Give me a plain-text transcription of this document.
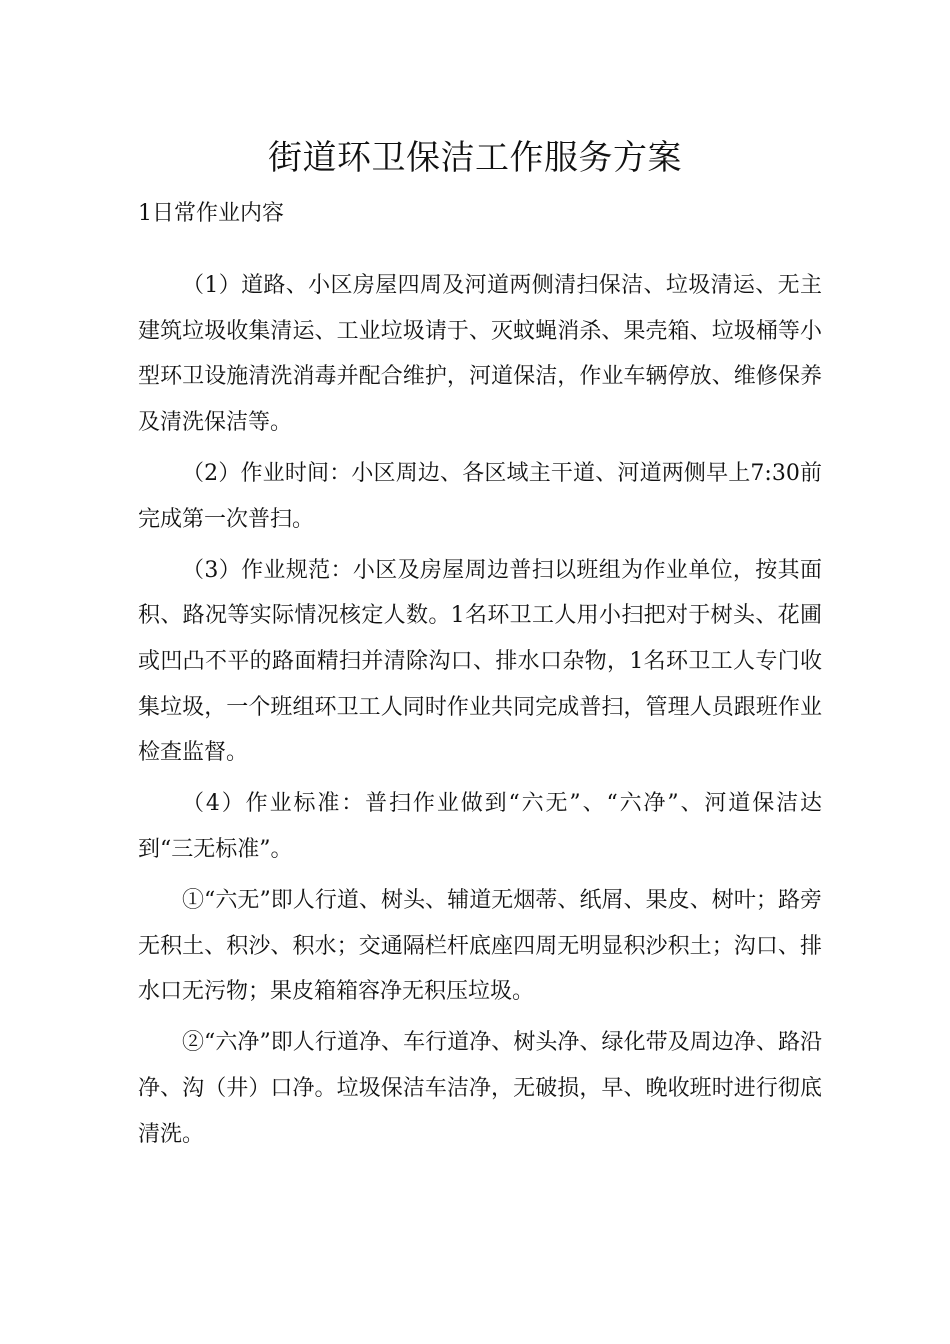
街道环卫保洁工作服务方案
1日常作业内容

（1）道路、小区房屋四周及河道两侧清扫保洁、垃圾清运、无主建筑垃圾收集清运、工业垃圾请于、灭蚊蝇消杀、果壳箱、垃圾桶等小型环卫设施清洗消毒并配合维护，河道保洁，作业车辆停放、维修保养及清洗保洁等。

（2）作业时间：小区周边、各区域主干道、河道两侧早上7:30前完成第一次普扫。

（3）作业规范：小区及房屋周边普扫以班组为作业单位，按其面积、路况等实际情况核定人数。1名环卫工人用小扫把对于树头、花圃或凹凸不平的路面精扫并清除沟口、排水口杂物，1名环卫工人专门收集垃圾，一个班组环卫工人同时作业共同完成普扫，管理人员跟班作业检查监督。

（4）作业标准：普扫作业做到“六无”、“六净”、河道保洁达到“三无标准”。

①“六无”即人行道、树头、辅道无烟蒂、纸屑、果皮、树叶；路旁无积土、积沙、积水；交通隔栏杆底座四周无明显积沙积土；沟口、排水口无污物；果皮箱箱容净无积压垃圾。

②“六净”即人行道净、车行道净、树头净、绿化带及周边净、路沿净、沟（井）口净。垃圾保洁车洁净，无破损，早、晚收班时进行彻底清洗。
